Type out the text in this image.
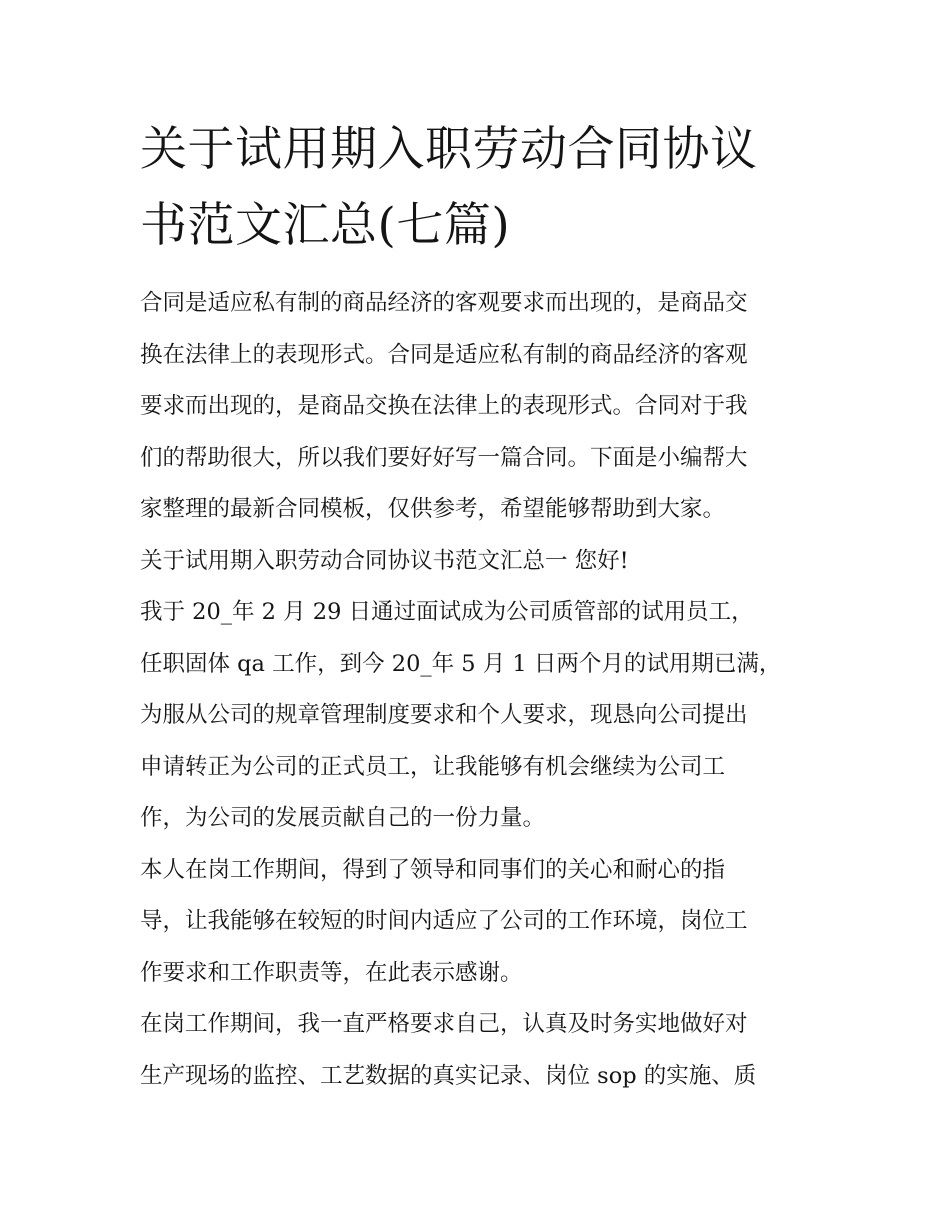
关于试用期入职劳动合同协议
书范文汇总(七篇)
合同是适应私有制的商品经济的客观要求而出现的，是商品交
换在法律上的表现形式。合同是适应私有制的商品经济的客观
要求而出现的，是商品交换在法律上的表现形式。合同对于我
们的帮助很大，所以我们要好好写一篇合同。下面是小编帮大
家整理的最新合同模板，仅供参考，希望能够帮助到大家。
关于试用期入职劳动合同协议书范文汇总一 您好!
我于 20_年 2 月 29 日通过面试成为公司质管部的试用员工，
任职固体 qa 工作，到今 20_年 5 月 1 日两个月的试用期已满，
为服从公司的规章管理制度要求和个人要求，现恳向公司提出
申请转正为公司的正式员工，让我能够有机会继续为公司工
作，为公司的发展贡献自己的一份力量。
本人在岗工作期间，得到了领导和同事们的关心和耐心的指
导，让我能够在较短的时间内适应了公司的工作环境，岗位工
作要求和工作职责等，在此表示感谢。
在岗工作期间，我一直严格要求自己，认真及时务实地做好对
生产现场的监控、工艺数据的真实记录、岗位 sop 的实施、质
